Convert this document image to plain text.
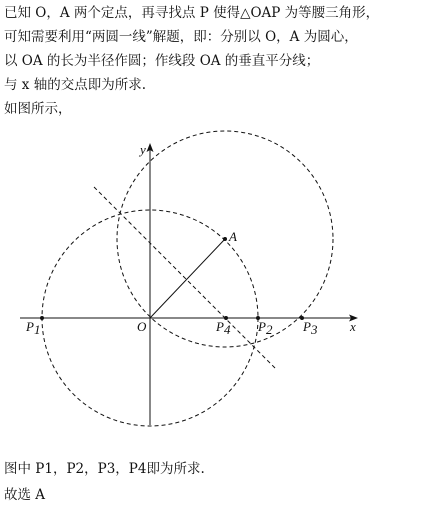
已知 O，A 两个定点，再寻找点 P 使得△OAP 为等腰三角形，
可知需要利用“两圆一线”解题，即：分别以 O，A 为圆心，
以 OA 的长为半径作圆；作线段 OA 的垂直平分线；
与 x 轴的交点即为所求.
如图所示，
y
x
O
A
P1	P4 P2 P3
图中 P1，P2，P3，P4即为所求.
故选 A
